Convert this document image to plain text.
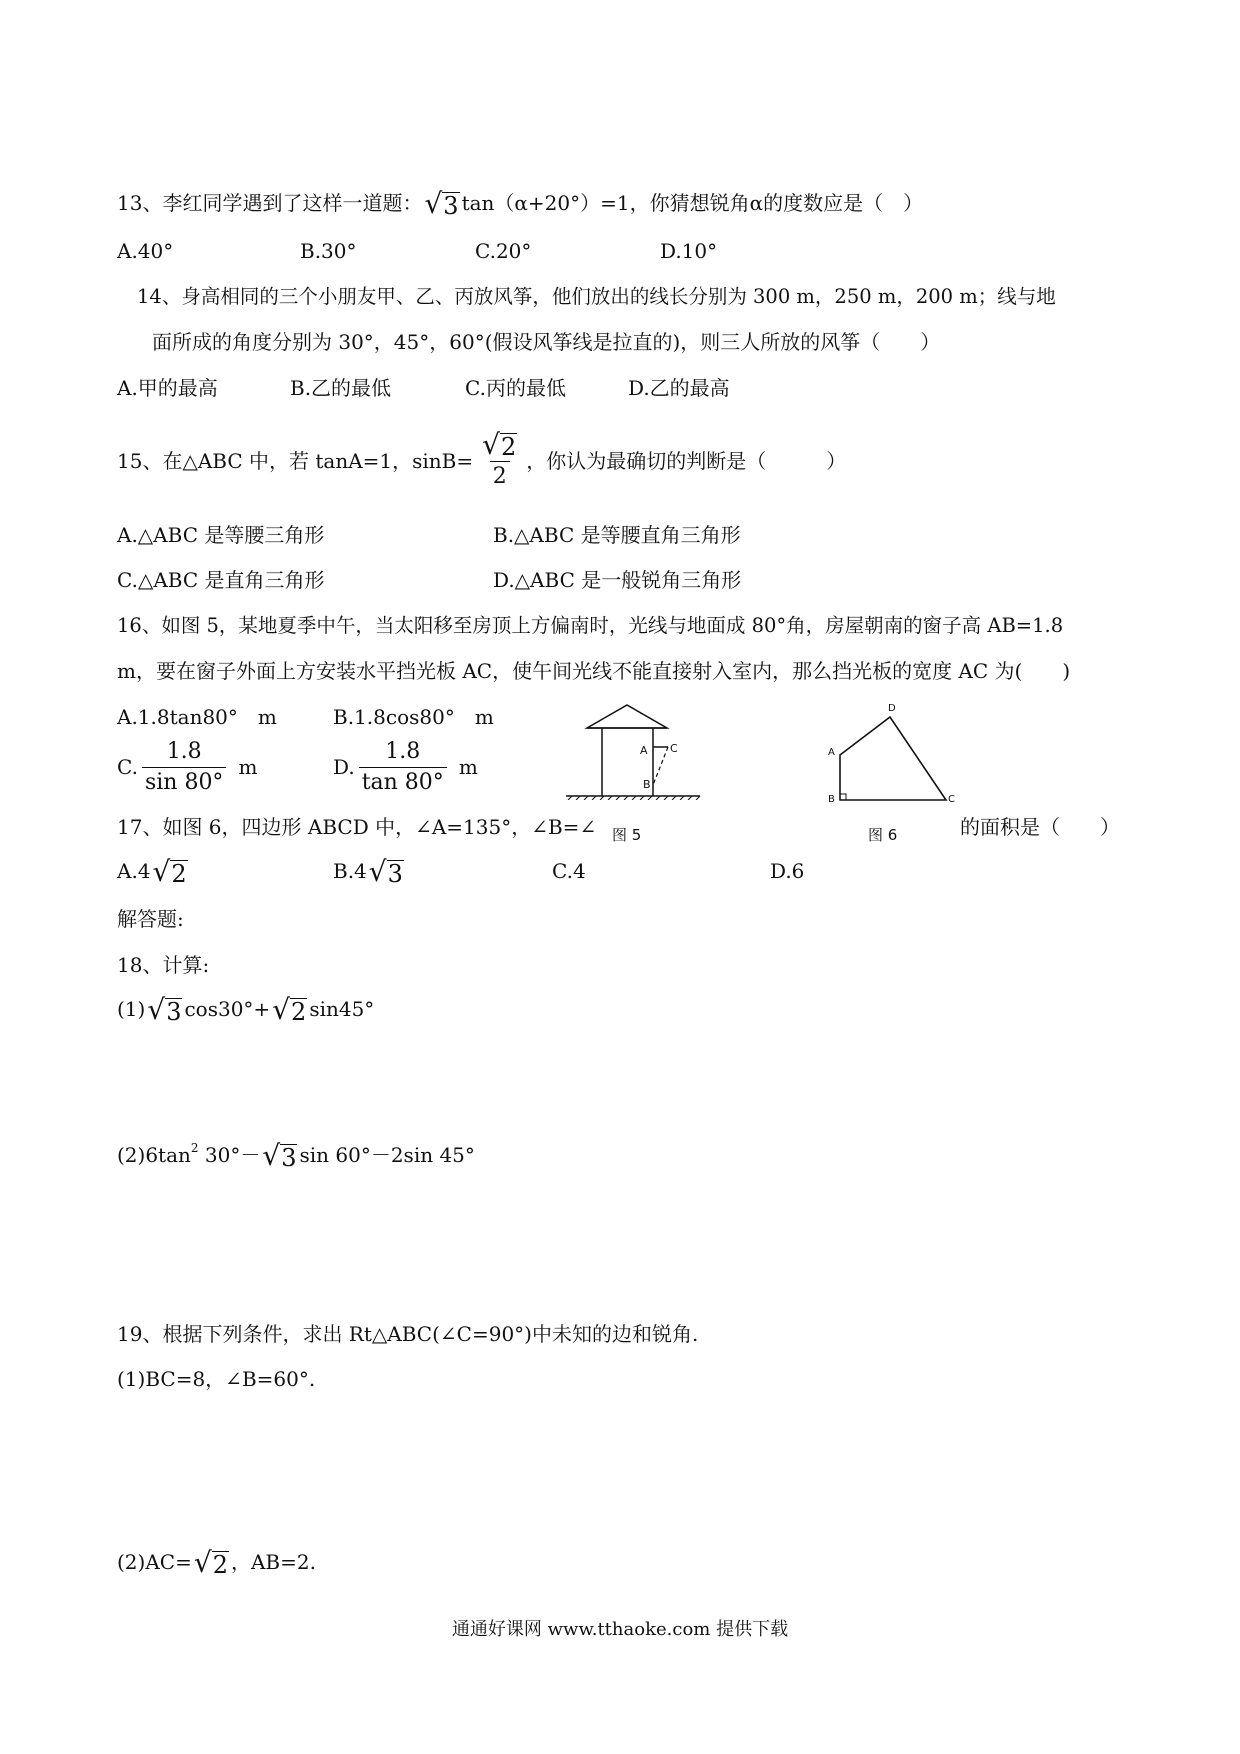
13、李红同学遇到了这样一道题： √ 3 tan（α+20°）=1，你猜想锐角α的度数应是（　）
A.40°	B.30°	C.20°	D.10°
14、身高相同的三个小朋友甲、乙、丙放风筝，他们放出的线长分别为 300 m，250 m，200 m；线与地
面所成的角度分别为 30°，45°，60°(假设风筝线是拉直的)，则三人所放的风筝（　　）
A.甲的最高	B.乙的最低	C.丙的最低	D.乙的最高
15、在△ABC 中，若 tanA=1，$\sin B= \frac{√ 2}{2}$ ，你认为最确切的判断是（　　　）
A.△ABC 是等腰三角形	B.△ABC 是等腰直角三角形
C.△ABC 是直角三角形	D.△ABC 是一般锐角三角形
16、如图 5，某地夏季中午，当太阳移至房顶上方偏南时，光线与地面成 80°角，房屋朝南的窗子高 AB=1.8
m，要在窗子外面上方安装水平挡光板 AC，使午间光线不能直接射入室内，那么挡光板的宽度 AC 为(　　)
A.1.8tan80°　m	B.1.8cos80°　m
C. $\frac{1.8}{\sin 80^\circ}$ m	D. $\frac{1.8}{\tan 80^\circ}$ m
A C
B
图 5
A
D
B	C
图 6
17、如图 6，四边形 ABCD 中，∠A=135°，∠B=∠	的面积是（　　）
A.4 √ 2	B.4 √ 3	C.4	D.6
解答题:
18、计算:
(1) √ 3 cos30°+ √ 2 sin45°
$(2)6\tan^2$ 30°－ √ 3 sin 60°－2sin 45°
19、根据下列条件，求出 Rt△ABC(∠C=90°)中未知的边和锐角.
(1)BC=8，∠B=60°.
(2)AC= √ 2 ，AB=2.
通通好课网 www.tthaoke.com 提供下载
